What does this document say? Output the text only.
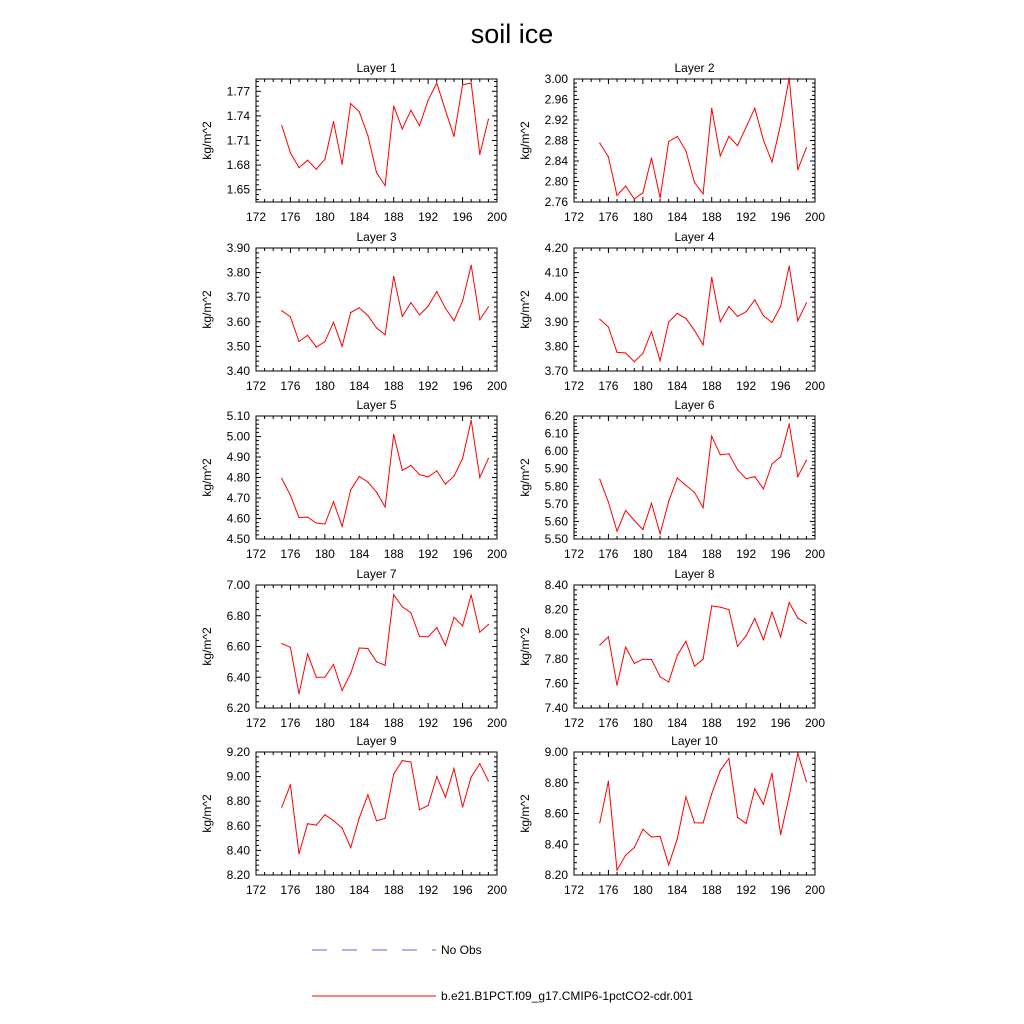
soil ice
Layer 1
172 176 180 184 188 192 196 200
1.65
1.68
1.71
1.74
1.77
kg/m^2
Layer 2
172 176 180 184 188 192 196 200
2.76
2.80
2.84
2.88
2.92
2.96
3.00
kg/m^2
Layer 3
172 176 180 184 188 192 196 200
3.40
3.50
3.60
3.70
3.80
3.90
kg/m^2
Layer 4
172 176 180 184 188 192 196 200
3.70
3.80
3.90
4.00
4.10
4.20
kg/m^2
Layer 5
172 176 180 184 188 192 196 200
4.50
4.60
4.70
4.80
4.90
5.00
5.10
kg/m^2
Layer 6
172 176 180 184 188 192 196 200
5.50
5.60
5.70
5.80
5.90
6.00
6.10
6.20
kg/m^2
Layer 7
172 176 180 184 188 192 196 200
6.20
6.40
6.60
6.80
7.00
kg/m^2
Layer 8
172 176 180 184 188 192 196 200
7.40
7.60
7.80
8.00
8.20
8.40
kg/m^2
Layer 9
172 176 180 184 188 192 196 200
8.20
8.40
8.60
8.80
9.00
9.20
kg/m^2
Layer 10
172 176 180 184 188 192 196 200
8.20
8.40
8.60
8.80
9.00
kg/m^2
No Obs
b.e21.B1PCT.f09_g17.CMIP6-1pctCO2-cdr.001
